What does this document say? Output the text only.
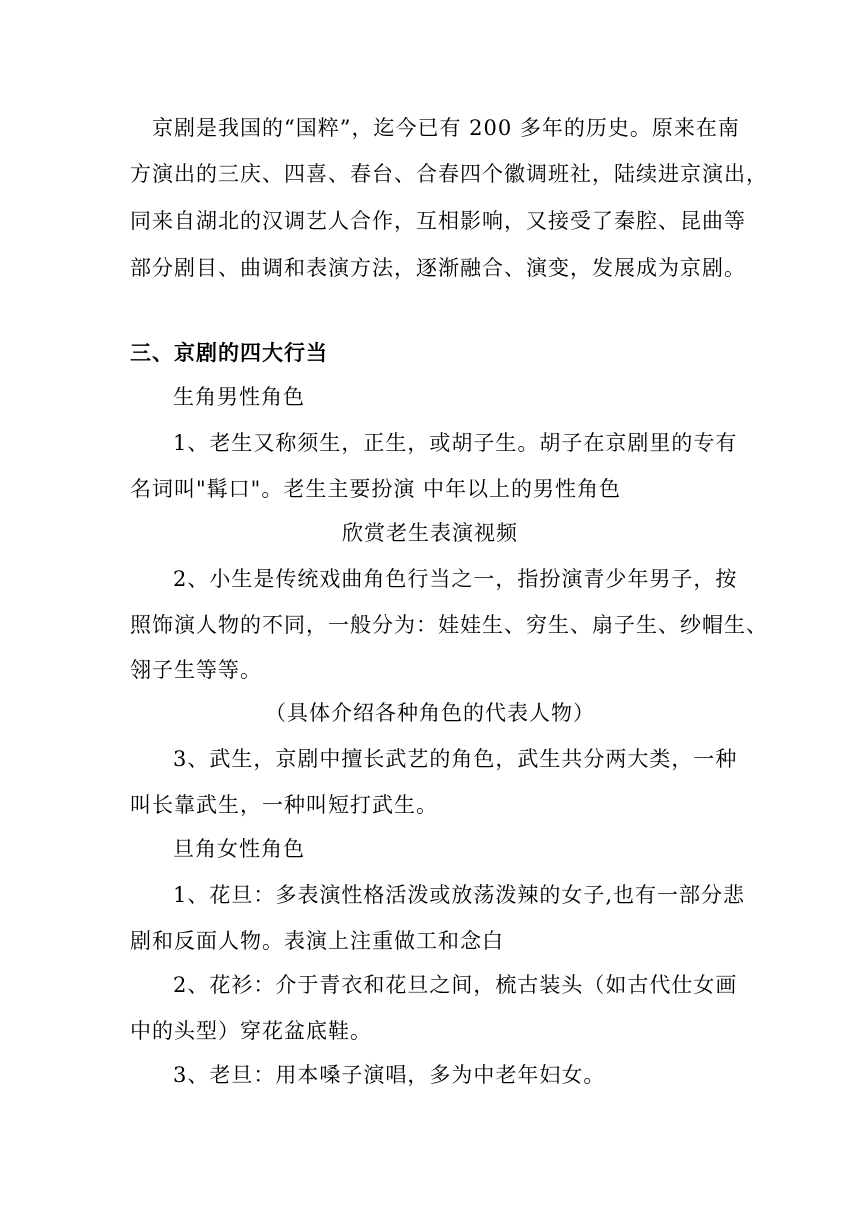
京剧是我国的“国粹”，迄今已有 200 多年的历史。原来在南
方演出的三庆、四喜、春台、合春四个徽调班社，陆续进京演出，
同来自湖北的汉调艺人合作，互相影响，又接受了秦腔、昆曲等
部分剧目、曲调和表演方法，逐渐融合、演变，发展成为京剧。
三、京剧的四大行当
生角男性角色
1、老生又称须生，正生，或胡子生。胡子在京剧里的专有
名词叫"髯口"。老生主要扮演 中年以上的男性角色
欣赏老生表演视频
2、小生是传统戏曲角色行当之一，指扮演青少年男子，按
照饰演人物的不同，一般分为：娃娃生、穷生、扇子生、纱帽生、
翎子生等等。
（具体介绍各种角色的代表人物）
3、武生，京剧中擅长武艺的角色，武生共分两大类，一种
叫长靠武生，一种叫短打武生。
旦角女性角色
1、花旦：多表演性格活泼或放荡泼辣的女子,也有一部分悲
剧和反面人物。表演上注重做工和念白
2、花衫：介于青衣和花旦之间，梳古装头（如古代仕女画
中的头型）穿花盆底鞋。
3、老旦：用本嗓子演唱，多为中老年妇女。
